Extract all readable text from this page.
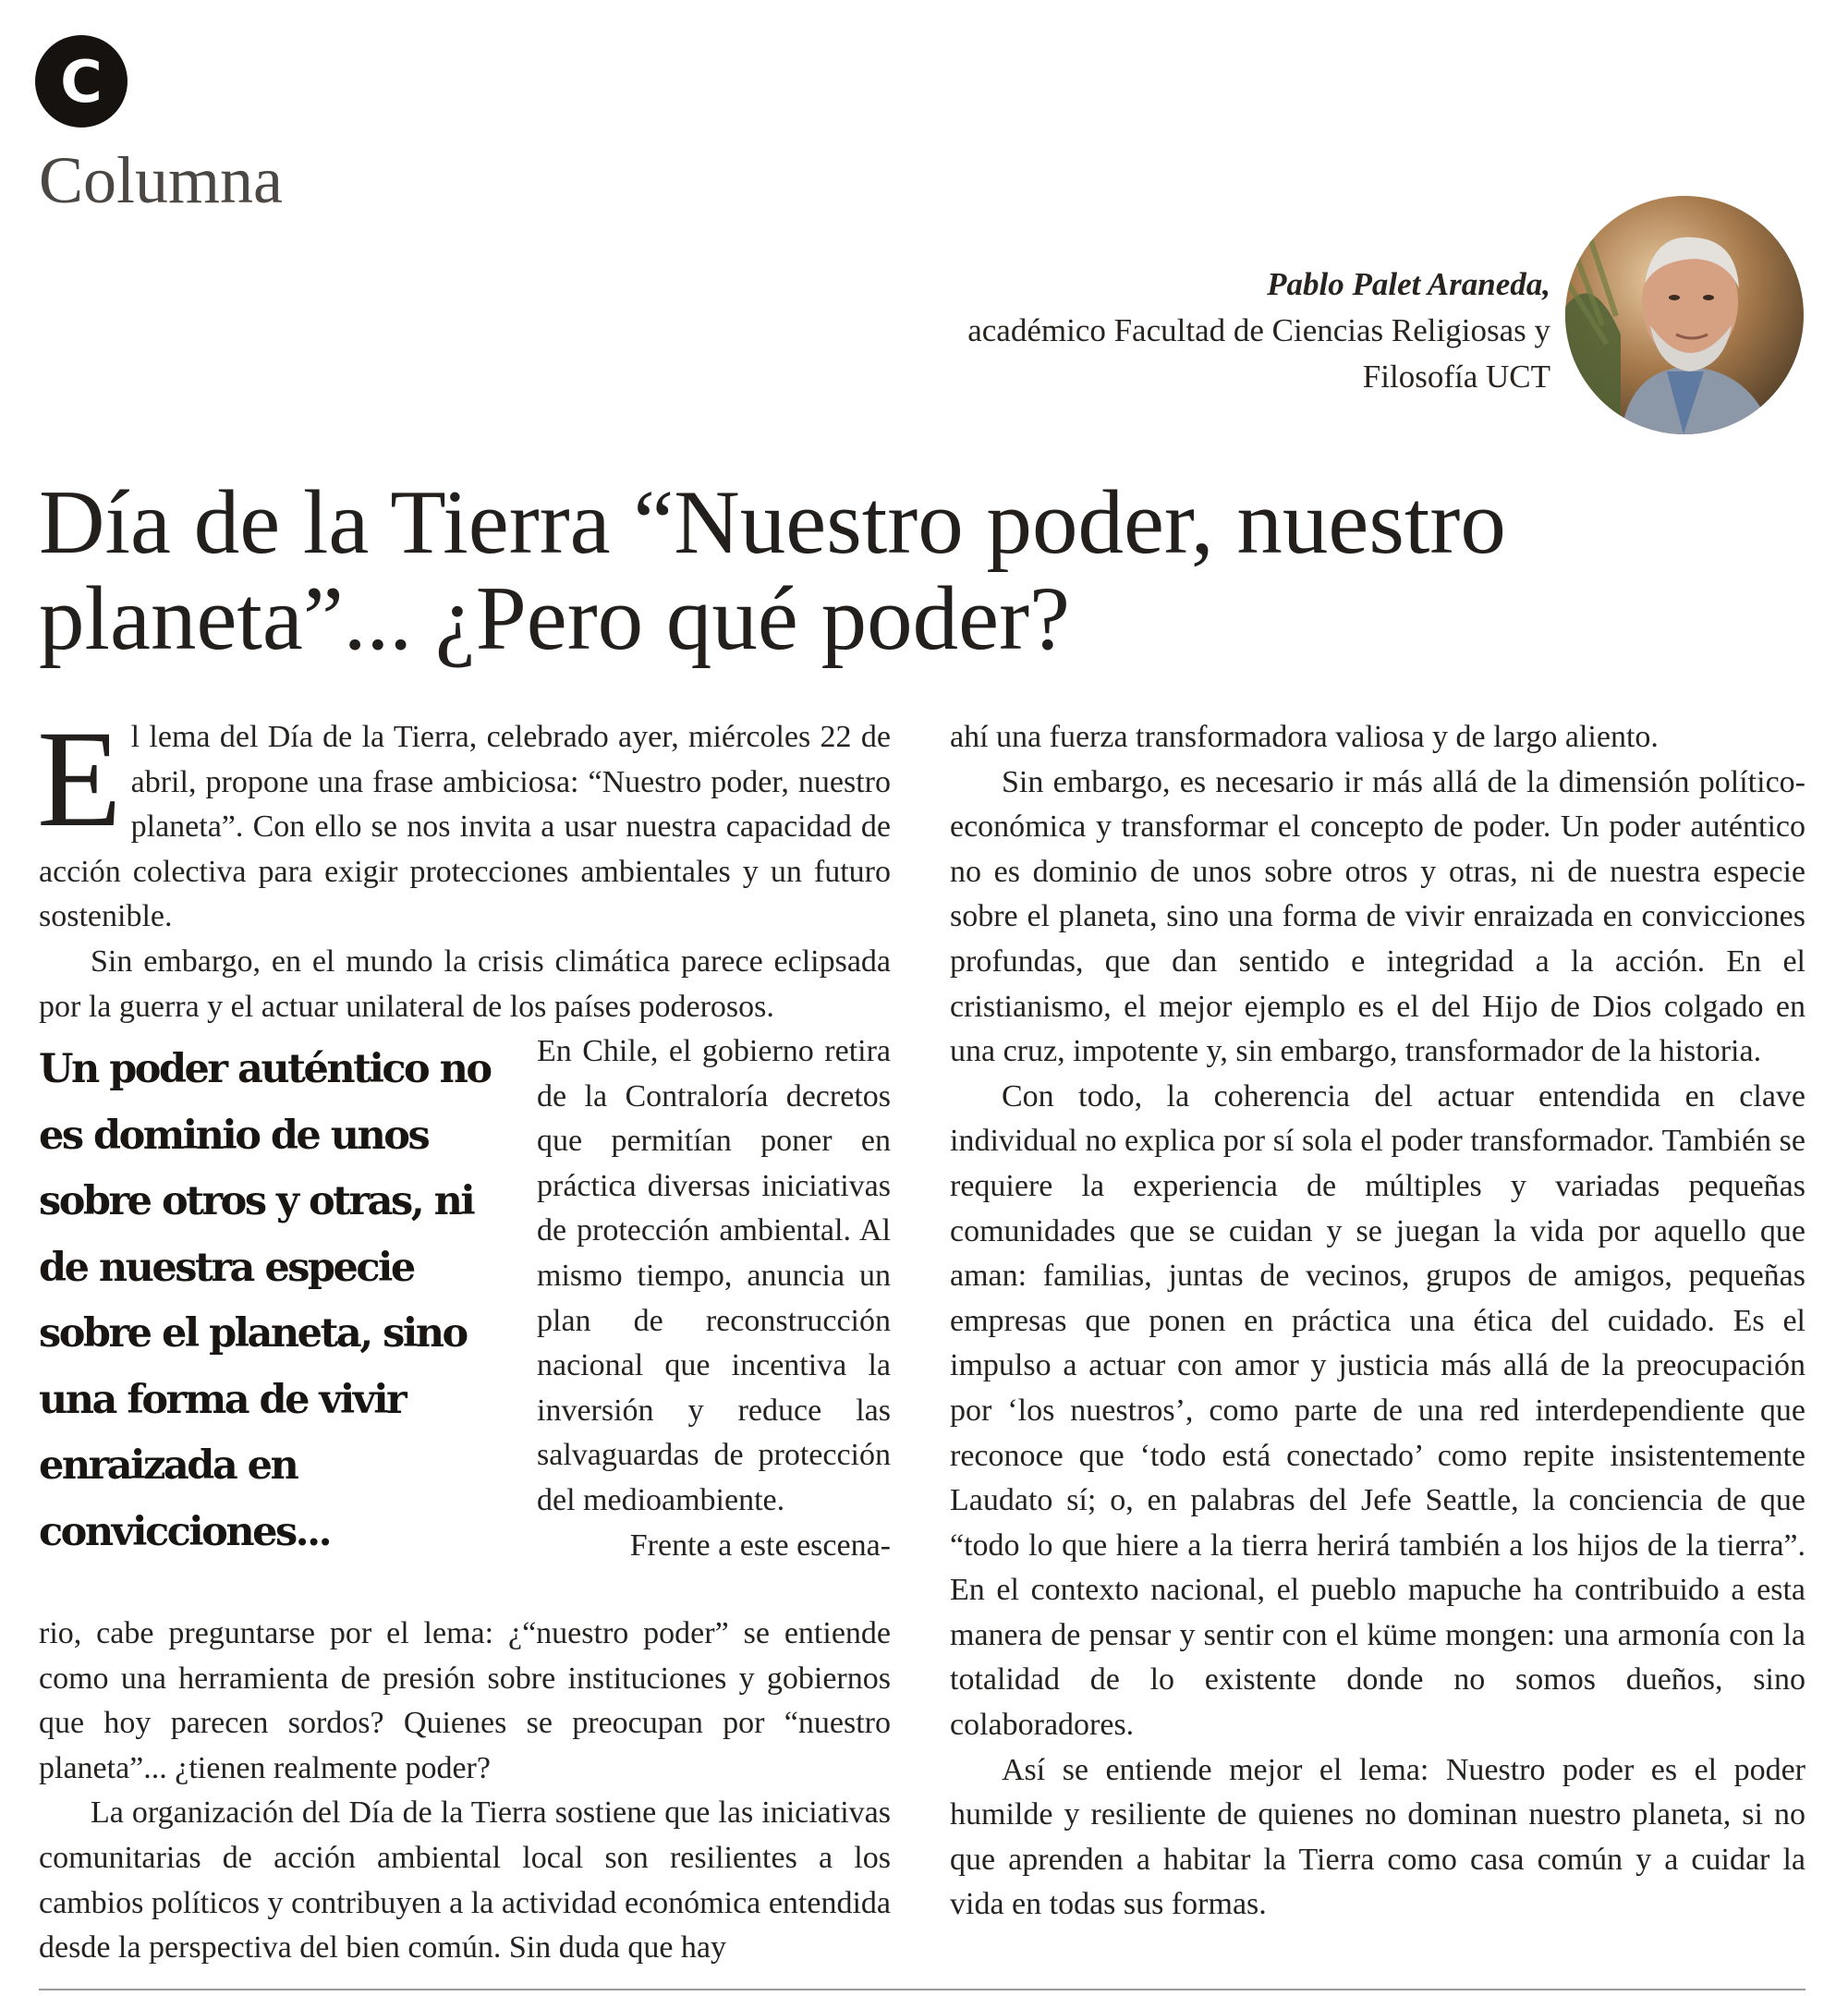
C
Columna
Pablo Palet Araneda,
académico Facultad de Ciencias Religiosas y Filosofía UCT
Día de la Tierra “Nuestro poder, nuestro planeta”... ¿Pero qué poder?

El lema del Día de la Tierra, celebrado ayer, miércoles 22 de abril, propone una frase ambiciosa: “Nuestro poder, nuestro planeta”. Con ello se nos invita a usar nuestra capacidad de acción colectiva para exigir protecciones ambientales y un futuro sostenible.

Sin embargo, en el mundo la crisis climática parece eclipsada por la guerra y el actuar unilateral de los países poderosos.

Un poder auténtico no es dominio de unos sobre otros y otras, ni de nuestra especie sobre el planeta, sino una forma de vivir enraizada en convicciones...

En Chile, el gobierno retira de la Contraloría decretos que permitían poner en práctica diversas iniciativas de protección ambiental. Al mismo tiempo, anuncia un plan de reconstrucción nacional que incentiva la inversión y reduce las salvaguardas de protección del medioambiente.

Frente a este escena-

rio, cabe preguntarse por el lema: ¿“nuestro poder” se entiende como una herramienta de presión sobre instituciones y gobiernos que hoy parecen sordos? Quienes se preocupan por “nuestro planeta”... ¿tienen realmente poder?

La organización del Día de la Tierra sostiene que las iniciativas comunitarias de acción ambiental local son resilientes a los cambios políticos y contribuyen a la actividad económica entendida desde la perspectiva del bien común. Sin duda que hay

ahí una fuerza transformadora valiosa y de largo aliento.

Sin embargo, es necesario ir más allá de la dimensión político-económica y transformar el concepto de poder. Un poder auténtico no es dominio de unos sobre otros y otras, ni de nuestra especie sobre el planeta, sino una forma de vivir enraizada en convicciones profundas, que dan sentido e integridad a la acción. En el cristianismo, el mejor ejemplo es el del Hijo de Dios colgado en una cruz, impotente y, sin embargo, transformador de la historia.

Con todo, la coherencia del actuar entendida en clave individual no explica por sí sola el poder transformador. También se requiere la experiencia de múltiples y variadas pequeñas comunidades que se cuidan y se juegan la vida por aquello que aman: familias, juntas de vecinos, grupos de amigos, pequeñas empresas que ponen en práctica una ética del cuidado. Es el impulso a actuar con amor y justicia más allá de la preocupación por ‘los nuestros’, como parte de una red interdependiente que reconoce que ‘todo está conectado’ como repite insistentemente Laudato sí; o, en palabras del Jefe Seattle, la conciencia de que “todo lo que hiere a la tierra herirá también a los hijos de la tierra”. En el contexto nacional, el pueblo mapuche ha contribuido a esta manera de pensar y sentir con el küme mongen: una armonía con la totalidad de lo existente donde no somos dueños, sino colaboradores.

Así se entiende mejor el lema: Nuestro poder es el poder humilde y resiliente de quienes no dominan nuestro planeta, si no que aprenden a habitar la Tierra como casa común y a cuidar la vida en todas sus formas.
